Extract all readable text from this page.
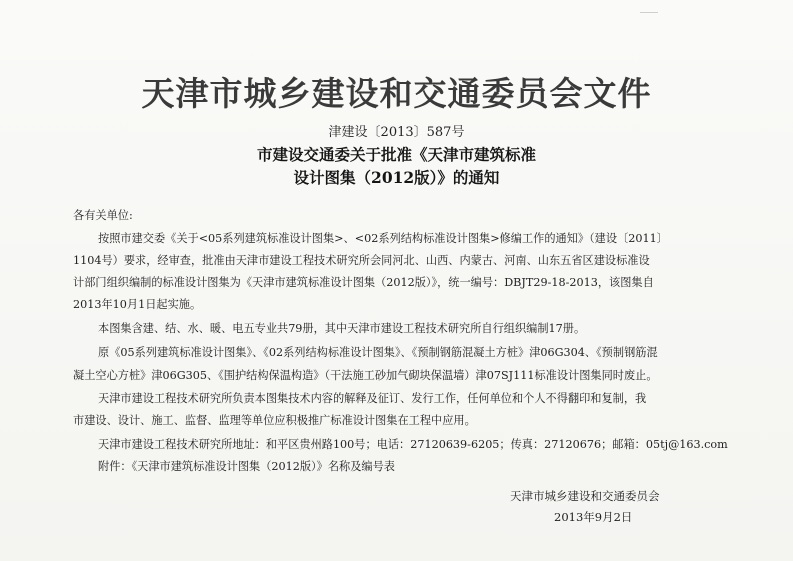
天津市城乡建设和交通委员会文件
津建设〔2013〕587号
市建设交通委关于批准《天津市建筑标准
设计图集（2012版）》的通知
各有关单位:
按照市建交委《关于<05系列建筑标准设计图集>、<02系列结构标准设计图集>修编工作的通知》（建设〔2011〕
1104号）要求，经审查，批准由天津市建设工程技术研究所会同河北、山西、内蒙古、河南、山东五省区建设标准设
计部门组织编制的标准设计图集为《天津市建筑标准设计图集（2012版）》，统一编号：DBJT29-18-2013，该图集自
2013年10月1日起实施。
本图集含建、结、水、暖、电五专业共79册，其中天津市建设工程技术研究所自行组织编制17册。
原《05系列建筑标准设计图集》、《02系列结构标准设计图集》、《预制钢筋混凝土方桩》津06G304、《预制钢筋混
凝土空心方桩》津06G305、《围护结构保温构造》（干法施工砂加气砌块保温墙）津07SJ111标准设计图集同时废止。
天津市建设工程技术研究所负责本图集技术内容的解释及征订、发行工作，任何单位和个人不得翻印和复制，我
市建设、设计、施工、监督、监理等单位应积极推广标准设计图集在工程中应用。
天津市建设工程技术研究所地址：和平区贵州路100号；电话：27120639-6205；传真：27120676；邮箱：05tj@163.com
附件：《天津市建筑标准设计图集（2012版）》名称及编号表
天津市城乡建设和交通委员会
2013年9月2日
